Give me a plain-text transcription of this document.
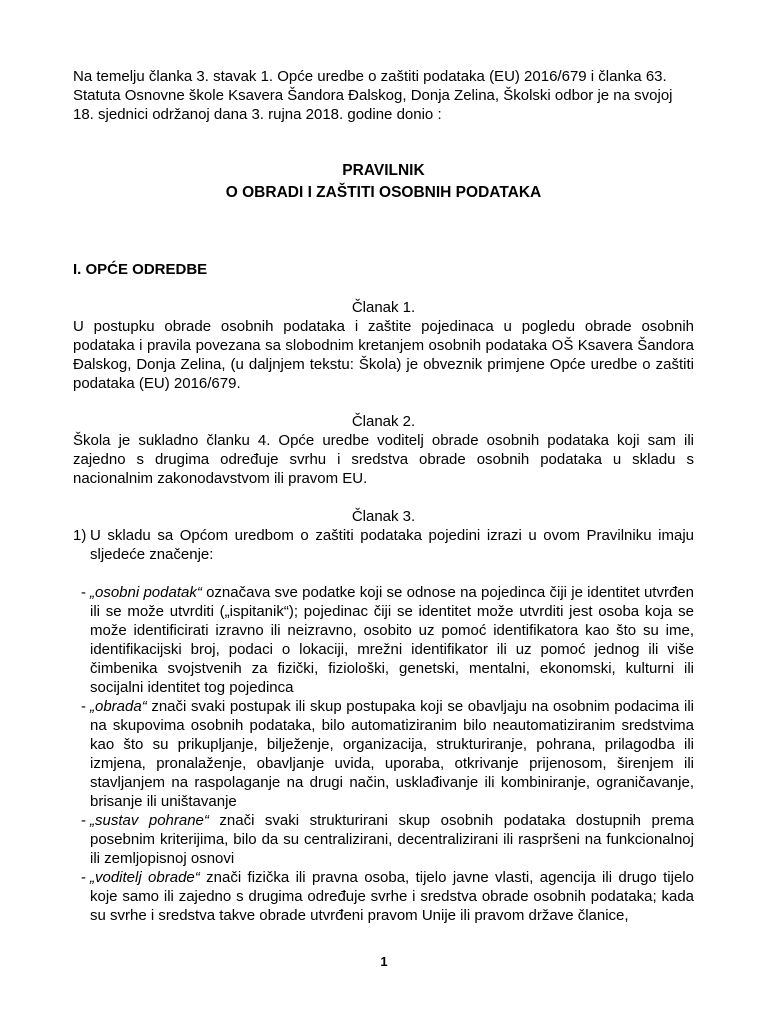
Na temelju članka 3. stavak 1. Opće uredbe o zaštiti podataka (EU) 2016/679 i članka 63. Statuta Osnovne škole Ksavera Šandora Đalskog, Donja Zelina, Školski odbor je na svojoj 18. sjednici održanoj dana 3. rujna 2018. godine donio :

PRAVILNIK
O OBRADI I ZAŠTITI OSOBNIH PODATAKA

I. OPĆE ODREDBE

Članak 1.

U postupku obrade osobnih podataka i zaštite pojedinaca u pogledu obrade osobnih podataka i pravila povezana sa slobodnim kretanjem osobnih podataka OŠ Ksavera Šandora Đalskog, Donja Zelina, (u daljnjem tekstu: Škola) je obveznik primjene Opće uredbe o zaštiti podataka (EU) 2016/679.

Članak 2.

Škola je sukladno članku 4. Opće uredbe voditelj obrade osobnih podataka koji sam ili zajedno s drugima određuje svrhu i sredstva obrade osobnih podataka u skladu s nacionalnim zakonodavstvom ili pravom EU.

Članak 3.

1) U skladu sa Općom uredbom o zaštiti podataka pojedini izrazi u ovom Pravilniku imaju sljedeće značenje:
- „osobni podatak“ označava sve podatke koji se odnose na pojedinca čiji je identitet utvrđen ili se može utvrditi („ispitanik“); pojedinac čiji se identitet može utvrditi jest osoba koja se može identificirati izravno ili neizravno, osobito uz pomoć identifikatora kao što su ime, identifikacijski broj, podaci o lokaciji, mrežni identifikator ili uz pomoć jednog ili više čimbenika svojstvenih za fizički, fiziološki, genetski, mentalni, ekonomski, kulturni ili socijalni identitet tog pojedinca
- „obrada“ znači svaki postupak ili skup postupaka koji se obavljaju na osobnim podacima ili na skupovima osobnih podataka, bilo automatiziranim bilo neautomatiziranim sredstvima kao što su prikupljanje, bilježenje, organizacija, strukturiranje, pohrana, prilagodba ili izmjena, pronalaženje, obavljanje uvida, uporaba, otkrivanje prijenosom, širenjem ili stavljanjem na raspolaganje na drugi način, usklađivanje ili kombiniranje, ograničavanje, brisanje ili uništavanje
- „sustav pohrane“ znači svaki strukturirani skup osobnih podataka dostupnih prema posebnim kriterijima, bilo da su centralizirani, decentralizirani ili raspršeni na funkcionalnoj ili zemljopisnoj osnovi
- „voditelj obrade“ znači fizička ili pravna osoba, tijelo javne vlasti, agencija ili drugo tijelo koje samo ili zajedno s drugima određuje svrhe i sredstva obrade osobnih podataka; kada su svrhe i sredstva takve obrade utvrđeni pravom Unije ili pravom države članice,
1
